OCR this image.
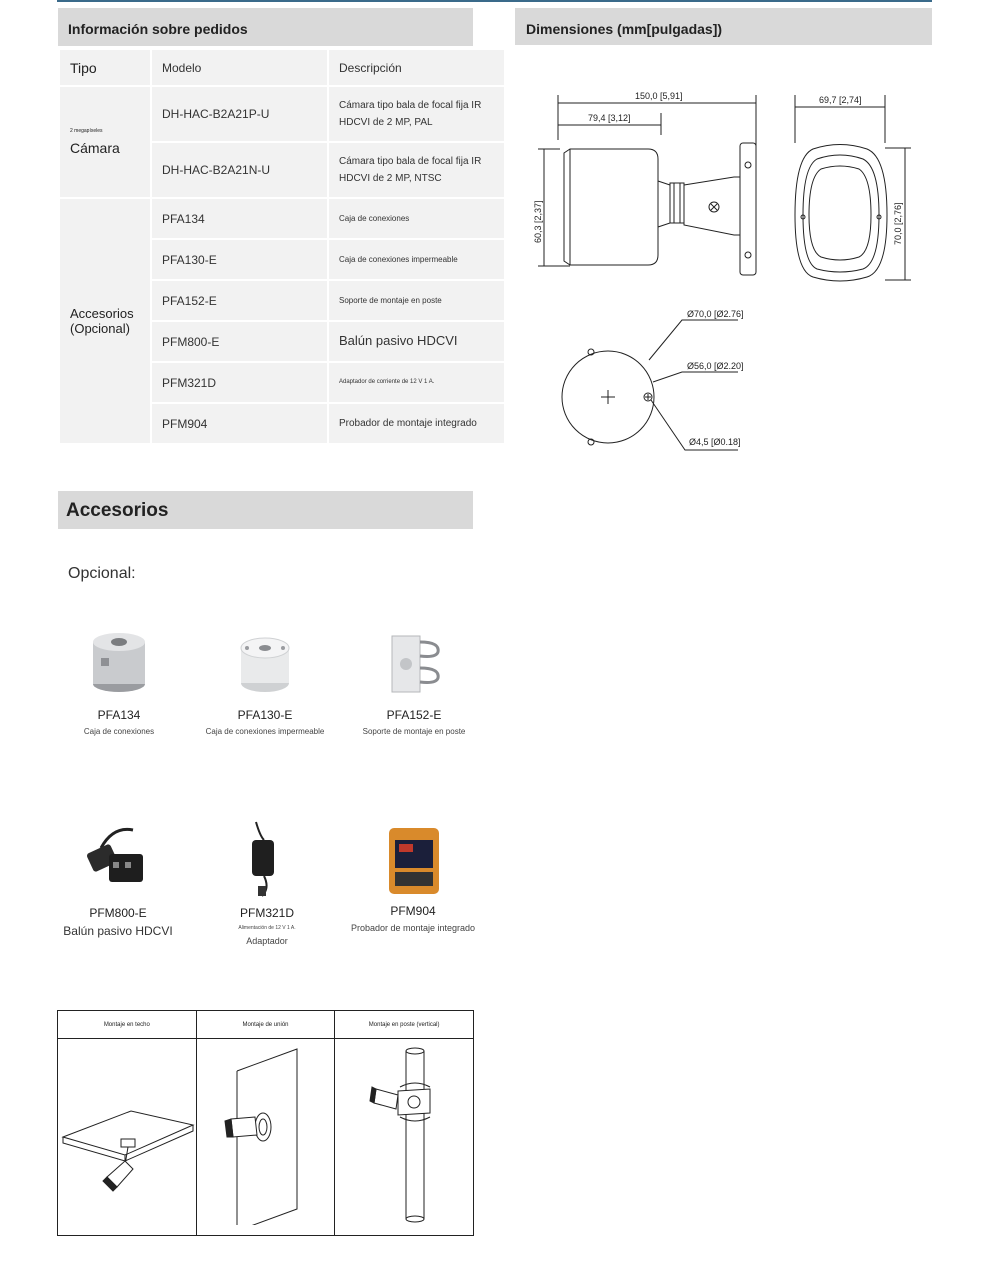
Información sobre pedidos
Tipo	Modelo	Descripción

2 megapíxeles
Cámara	DH-HAC-B2A21P-U	Cámara tipo bala de focal fija IR HDCVI de 2 MP, PAL
	DH-HAC-B2A21N-U	Cámara tipo bala de focal fija IR HDCVI de 2 MP, NTSC
Accesorios (Opcional)	PFA134	Caja de conexiones
	PFA130-E	Caja de conexiones impermeable
	PFA152-E	Soporte de montaje en poste
	PFM800-E	Balún pasivo HDCVI
	PFM321D	Adaptador de corriente de 12 V 1 A.
	PFM904	Probador de montaje integrado
Dimensiones (mm[pulgadas])
150,0 [5,91]
79,4 [3,12]
60,3 [2,37]
69,7 [2,74]
70,0 [2,76]
Ø70,0 [Ø2.76]
Ø56,0 [Ø2.20]
Ø4,5 [Ø0.18]
Accesorios
Opcional:
PFA134
Caja de conexiones
PFA130-E
Caja de conexiones impermeable
PFA152-E
Soporte de montaje en poste
PFM800-E
Balún pasivo HDCVI
PFM321D
Alimentación de 12 V 1 A.
Adaptador
PFM904
Probador de montaje integrado
Montaje en techo	Montaje de unión	Montaje en poste (vertical)
